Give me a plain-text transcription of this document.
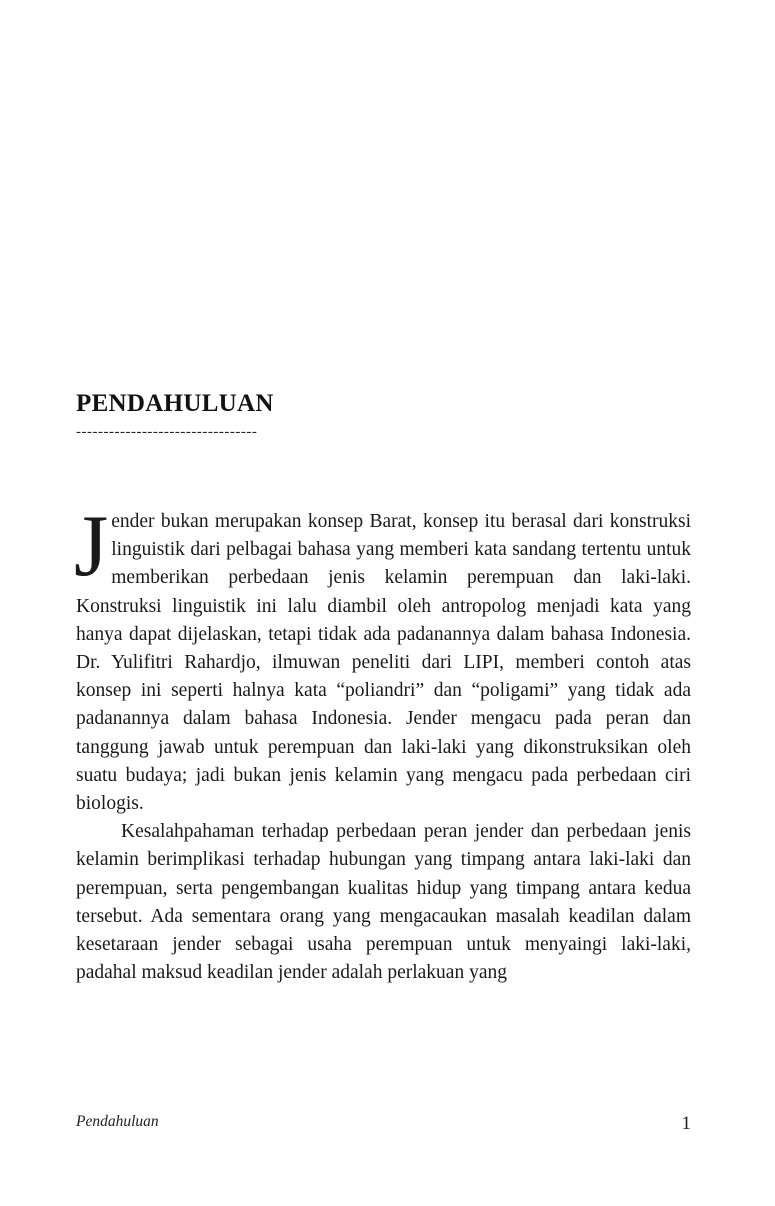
PENDAHULUAN
---------------------------------

Jender bukan merupakan konsep Barat, konsep itu berasal dari konstruksi linguistik dari pelbagai bahasa yang memberi kata sandang tertentu untuk memberikan perbedaan jenis kelamin perempuan dan laki-laki. Konstruksi linguistik ini lalu diambil oleh antropolog menjadi kata yang hanya dapat dijelaskan, tetapi tidak ada padanannya dalam bahasa Indonesia. Dr. Yulifitri Rahardjo, ilmuwan peneliti dari LIPI, memberi contoh atas konsep ini seperti halnya kata “poliandri” dan “poligami” yang tidak ada padanannya dalam bahasa Indonesia. Jender mengacu pada peran dan tanggung jawab untuk perempuan dan laki-laki yang dikonstruksikan oleh suatu budaya; jadi bukan jenis kelamin yang mengacu pada perbedaan ciri biologis.

Kesalahpahaman terhadap perbedaan peran jender dan perbedaan jenis kelamin berimplikasi terhadap hubungan yang timpang antara laki-laki dan perempuan, serta pengembangan kualitas hidup yang timpang antara kedua tersebut. Ada sementara orang yang mengacaukan masalah keadilan dalam kesetaraan jender sebagai usaha perempuan untuk menyaingi laki-laki, padahal maksud keadilan jender adalah perlakuan yang

Pendahuluan	1
